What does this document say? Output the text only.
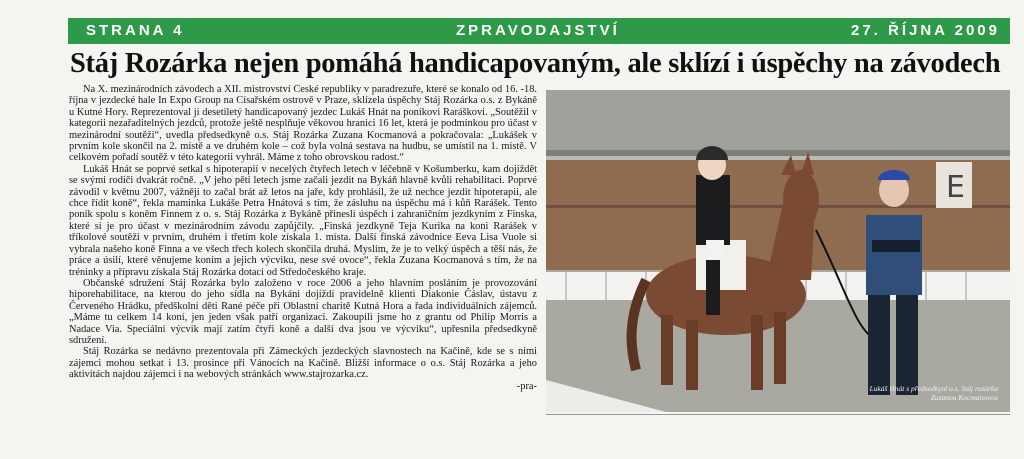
STRANA 4	ZPRAVODAJSTVÍ	27. ŘÍJNA 2009
Stáj Rozárka nejen pomáhá handicapovaným, ale sklízí i úspěchy na závodech

Na X. mezinárodních závodech a XII. mistrovství České republiky v paradrezuře, které se konalo od 16. -18. října v jezdecké hale In Expo Group na Císařském ostrově v Praze, sklízela úspěchy Stáj Rozárka o.s. z Bykáně u Kutné Hory. Reprezentoval ji desetiletý handicapovaný jezdec Lukáš Hnát na poníkovi Raráškovi. „Soutěžil v kategorii nezařaditelných jezdců, protože ještě nesplňuje věkovou hranici 16 let, která je podmínkou pro účast v mezinárodní soutěži“, uvedla předsedkyně o.s. Stáj Rozárka Zuzana Kocmanová a pokračovala: „Lukášek v prvním kole skončil na 2. místě a ve druhém kole – což byla volná sestava na hudbu, se umístil na 1. místě. V celkovém pořadí soutěž v této kategorii vyhrál. Máme z toho obrovskou radost.“

Lukáš Hnát se poprvé setkal s hipoterapií v necelých čtyřech letech v léčebně v Košumberku, kam dojíždět se svými rodiči dvakrát ročně. „V jeho pěti letech jsme začali jezdit na Bykáň hlavně kvůli rehabilitaci. Poprvé závodil v květnu 2007, vážněji to začal brát až letos na jaře, kdy prohlásil, že už nechce jezdit hipoterapii, ale chce řídit koně“, řekla maminka Lukáše Petra Hnátová s tím, že zásluhu na úspěchu má i kůň Rarášek. Tento poník spolu s koněm Finnem z o. s. Stáj Rozárka z Bykáně přinesli úspěch i zahraničním jezdkyním z Finska, které si je pro účast v mezinárodním závodu zapůjčily. „Finská jezdkyně Teja Kurika na koni Rarášek v tříkolové soutěži v prvním, druhém i třetím kole získala 1. místa. Další finská závodnice Eeva Lisa Vuole si vybrala našeho koně Finna a ve všech třech kolech skončila druhá. Myslím, že je to velký úspěch a těší nás, že práce a úsilí, které věnujeme koním a jejich výcviku, nese své ovoce“, řekla Zuzana Kocmanová s tím, že na tréninky a přípravu získala Stáj Rozárka dotaci od Středočeského kraje.

Občanské sdružení Stáj Rozárka bylo založeno v roce 2006 a jeho hlavním posláním je provozování hiporehabilitace, na kterou do jeho sídla na Bykáni dojíždí pravidelně klienti Diakonie Čáslav, ústavu z Červeného Hrádku, předškolní děti Rané péče při Oblastní charitě Kutná Hora a řada individuálních zájemců. „Máme tu celkem 14 koní, jen jeden však patří organizaci. Zakoupili jsme ho z grantu od Philip Morris a Nadace Via. Speciální výcvik mají zatím čtyři koně a další dva jsou ve výcviku“, upřesnila předsedkyně sdružení.

Stáj Rozárka se nedávno prezentovala při Zámeckých jezdeckých slavnostech na Kačině, kde se s nimi zájemci mohou setkat i 13. prosince při Vánocích na Kačině. Bližší informace o o.s. Stáj Rozárka a jeho aktivitách najdou zájemci i na webových stránkách www.stajrozarka.cz.

-pra-

E
Lukáš Hnát s předsedkyní o.s. Stáj rozárka
Zuzanou Kocmanovou
